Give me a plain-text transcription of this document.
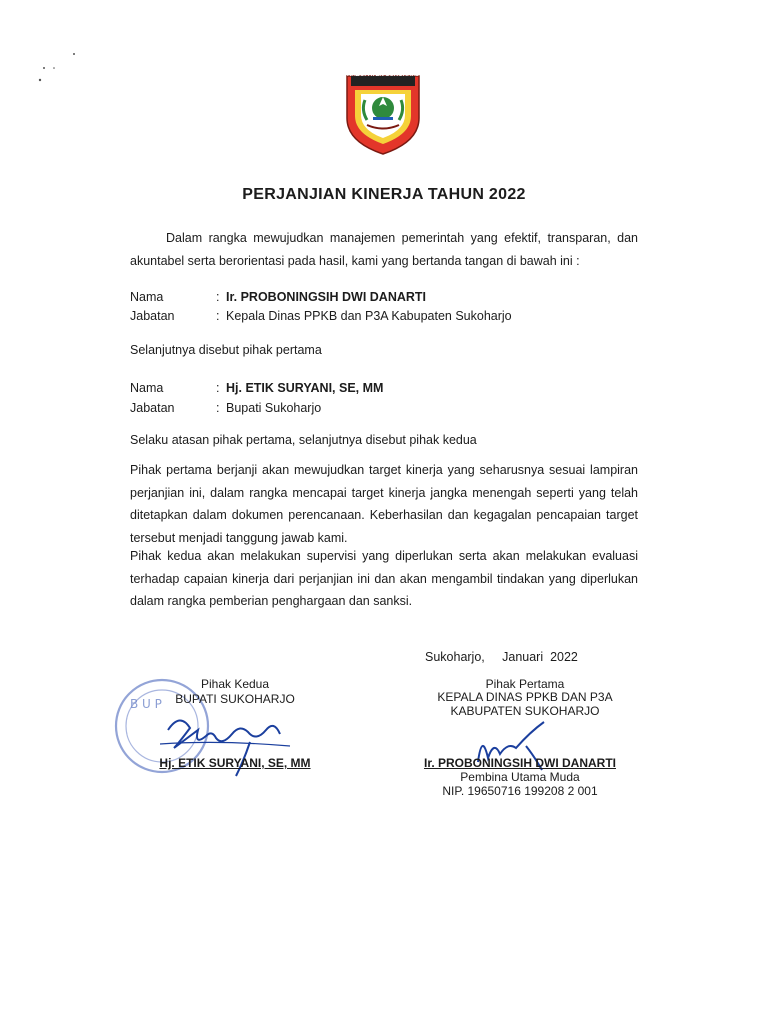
KABUPATEN SUKOHARJO
PERJANJIAN KINERJA TAHUN 2022
Dalam rangka mewujudkan manajemen pemerintah yang efektif, transparan, dan akuntabel serta berorientasi pada hasil, kami yang bertanda tangan di bawah ini :
Nama	: Ir. PROBONINGSIH DWI DANARTI
Jabatan	: Kepala Dinas PPKB dan P3A Kabupaten Sukoharjo
Selanjutnya disebut pihak pertama
Nama	: Hj. ETIK SURYANI, SE, MM
Jabatan	: Bupati Sukoharjo
Selaku atasan pihak pertama, selanjutnya disebut pihak kedua
Pihak pertama berjanji akan mewujudkan target kinerja yang seharusnya sesuai lampiran perjanjian ini, dalam rangka mencapai target kinerja jangka menengah seperti yang telah ditetapkan dalam dokumen perencanaan. Keberhasilan dan kegagalan pencapaian target tersebut menjadi tanggung jawab kami.
Pihak kedua akan melakukan supervisi yang diperlukan serta akan melakukan evaluasi terhadap capaian kinerja dari perjanjian ini dan akan mengambil tindakan yang diperlukan dalam rangka pemberian penghargaan dan sanksi.
Sukoharjo,     Januari  2022
B U P
Pihak Kedua
BUPATI SUKOHARJO
Hj. ETIK SURYANI, SE, MM
Pihak Pertama
KEPALA DINAS PPKB DAN P3A
KABUPATEN SUKOHARJO
Ir. PROBONINGSIH DWI DANARTI
Pembina Utama Muda
NIP. 19650716 199208 2 001
